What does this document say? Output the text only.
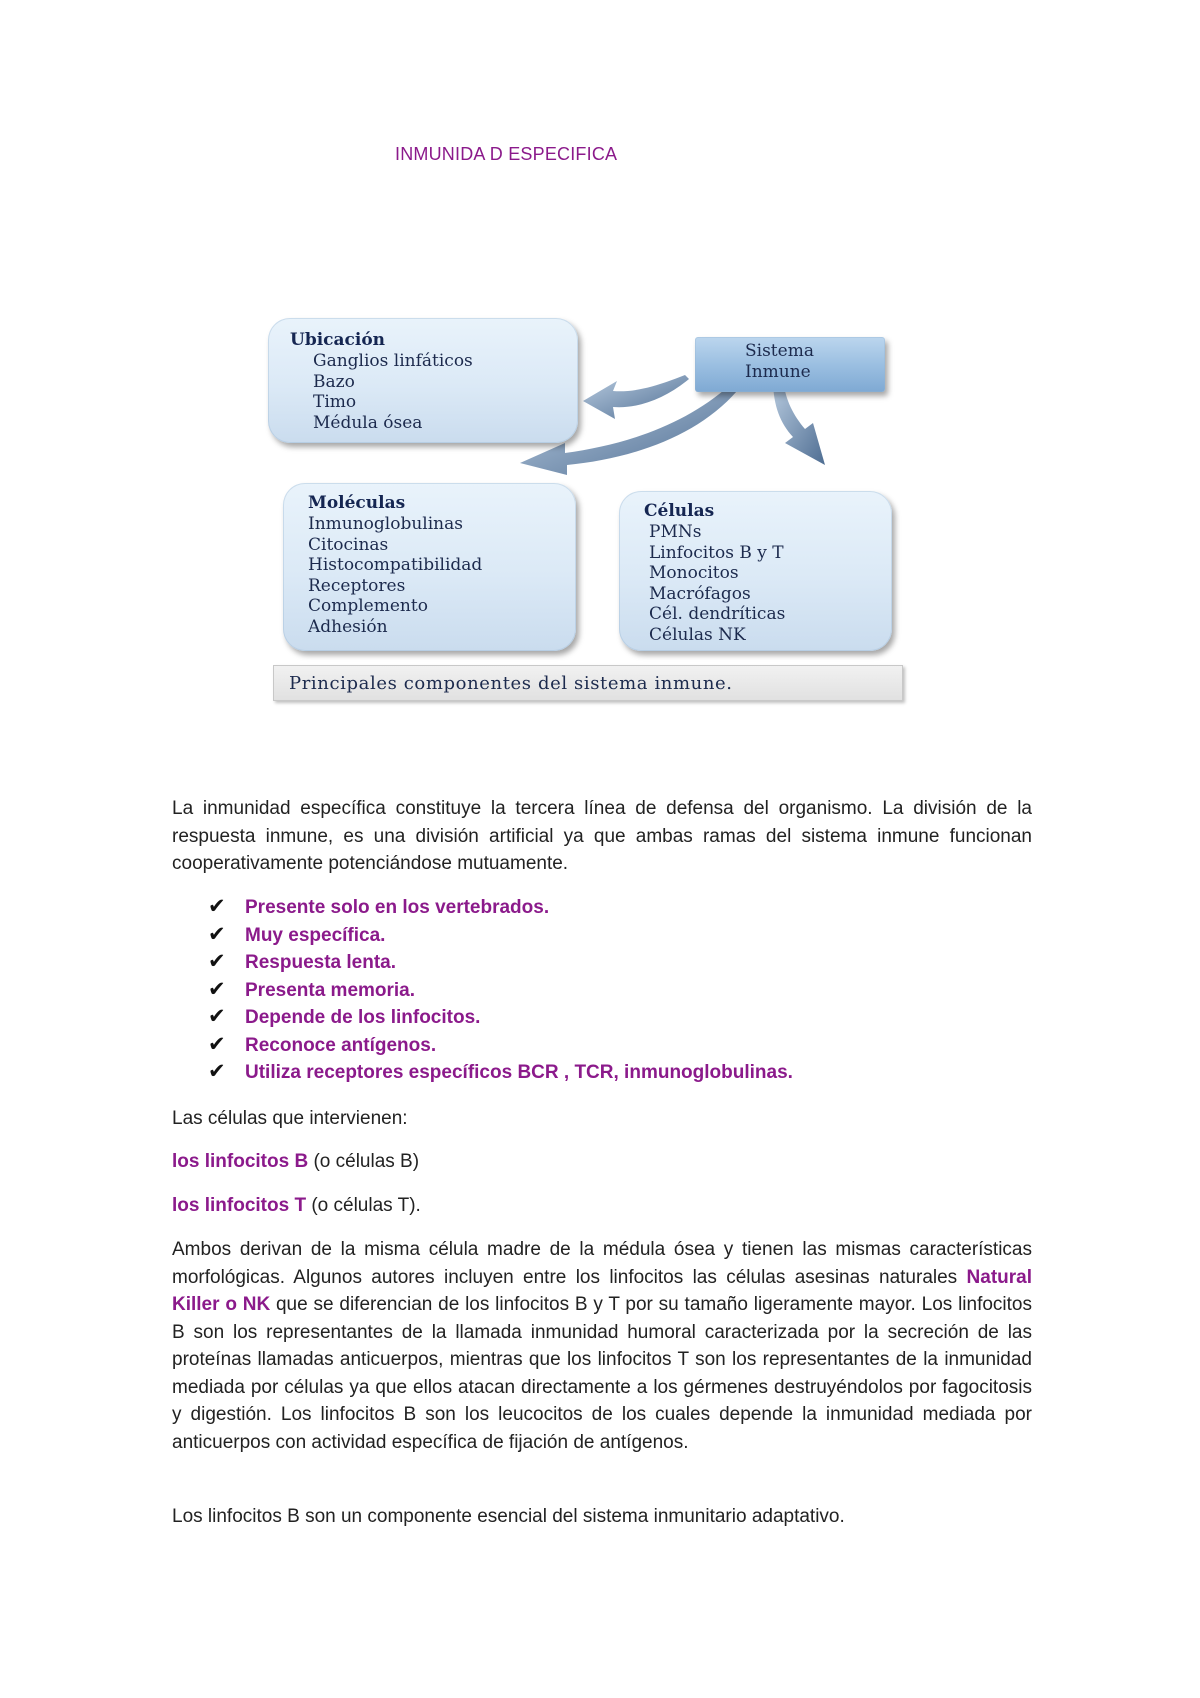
INMUNIDA D ESPECIFICA
Ubicación
Ganglios linfáticos
Bazo
Timo
Médula ósea
Sistema
Inmune
Moléculas
Inmunoglobulinas
Citocinas
Histocompatibilidad
Receptores
Complemento
Adhesión
Células
PMNs
Linfocitos B y T
Monocitos
Macrófagos
Cél. dendríticas
Células NK
Principales componentes del sistema inmune.
La inmunidad específica constituye la tercera línea de defensa del organismo. La división de la respuesta inmune, es una división artificial ya que ambas ramas del sistema inmune funcionan cooperativamente potenciándose mutuamente.
✔ Presente solo en los vertebrados.
✔ Muy específica.
✔ Respuesta lenta.
✔ Presenta memoria.
✔ Depende de los linfocitos.
✔ Reconoce antígenos.
✔ Utiliza receptores específicos BCR , TCR, inmunoglobulinas.
Las células que intervienen:
los linfocitos B (o células B)
los linfocitos T (o células T).
Ambos derivan de la misma célula madre de la médula ósea y tienen las mismas características morfológicas. Algunos autores incluyen entre los linfocitos las células asesinas naturales Natural Killer o NK que se diferencian de los linfocitos B y T por su tamaño ligeramente mayor. Los linfocitos B son los representantes de la llamada inmunidad humoral caracterizada por la secreción de las proteínas llamadas anticuerpos, mientras que los linfocitos T son los representantes de la inmunidad mediada por células ya que ellos atacan directamente a los gérmenes destruyéndolos por fagocitosis y digestión. Los linfocitos B son los leucocitos de los cuales depende la inmunidad mediada por anticuerpos con actividad específica de fijación de antígenos.
Los linfocitos B son un componente esencial del sistema inmunitario adaptativo.
